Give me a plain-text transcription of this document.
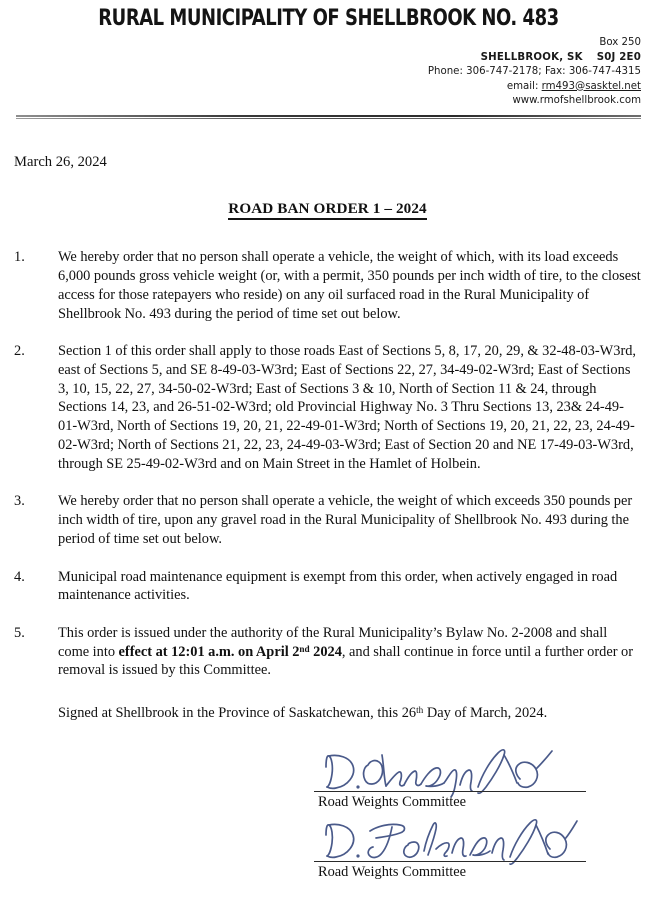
RURAL MUNICIPALITY OF SHELLBROOK NO. 483
Box 250
SHELLBROOK, SK S0J 2E0
Phone: 306-747-2178; Fax: 306-747-4315
email: rm493@sasktel.net
www.rmofshellbrook.com
March 26, 2024
ROAD BAN ORDER 1 – 2024
1.	We hereby order that no person shall operate a vehicle, the weight of which, with its load exceeds 6,000 pounds gross vehicle weight (or, with a permit, 350 pounds per inch width of tire, to the closest access for those ratepayers who reside) on any oil surfaced road in the Rural Municipality of Shellbrook No. 493 during the period of time set out below.
2.	Section 1 of this order shall apply to those roads East of Sections 5, 8, 17, 20, 29, & 32-48-03-W3rd, east of Sections 5, and SE 8-49-03-W3rd; East of Sections 22, 27, 34-49-02-W3rd; East of Sections 3, 10, 15, 22, 27, 34-50-02-W3rd; East of Sections 3 & 10, North of Section 11 & 24, through Sections 14, 23, and 26-51-02-W3rd; old Provincial Highway No. 3 Thru Sections 13, 23& 24-49-01-W3rd, North of Sections 19, 20, 21, 22-49-01-W3rd; North of Sections 19, 20, 21, 22, 23, 24-49-02-W3rd; North of Sections 21, 22, 23, 24-49-03-W3rd; East of Section 20 and NE 17-49-03-W3rd, through SE 25-49-02-W3rd and on Main Street in the Hamlet of Holbein.
3.	We hereby order that no person shall operate a vehicle, the weight of which exceeds 350 pounds per inch width of tire, upon any gravel road in the Rural Municipality of Shellbrook No. 493 during the period of time set out below.
4.	Municipal road maintenance equipment is exempt from this order, when actively engaged in road maintenance activities.
5.	This order is issued under the authority of the Rural Municipality’s Bylaw No. 2-2008 and shall come into effect at 12:01 a.m. on April 2nd 2024, and shall continue in force until a further order or removal is issued by this Committee.
Signed at Shellbrook in the Province of Saskatchewan, this 26th Day of March, 2024.
Road Weights Committee
Road Weights Committee
